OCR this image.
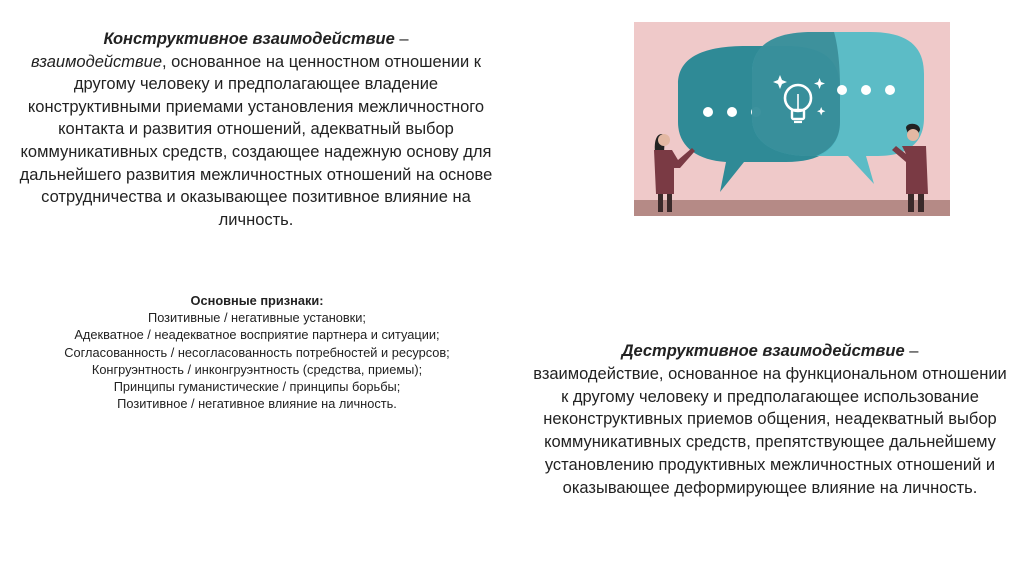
Конструктивное взаимодействие –
взаимодействие, основанное на ценностном отношении к другому человеку и предполагающее владение конструктивными приемами установления межличностного контакта и развития отношений, адекватный выбор коммуникативных средств, создающее надежную основу для дальнейшего развития межличностных отношений на основе сотрудничества и оказывающее позитивное влияние на личность.
Основные признаки:
Позитивные / негативные установки;
Адекватное / неадекватное восприятие партнера и ситуации;
Согласованность / несогласованность потребностей и ресурсов;
Конгруэнтность / инконгруэнтность (средства, приемы);
Принципы гуманистические / принципы борьбы;
Позитивное / негативное влияние на личность.
Деструктивное взаимодействие –
взаимодействие, основанное на функциональном отношении к другому человеку и предполагающее использование неконструктивных приемов общения, неадекватный выбор коммуникативных средств, препятствующее дальнейшему установлению продуктивных межличностных отношений и оказывающее деформирующее влияние на личность.
